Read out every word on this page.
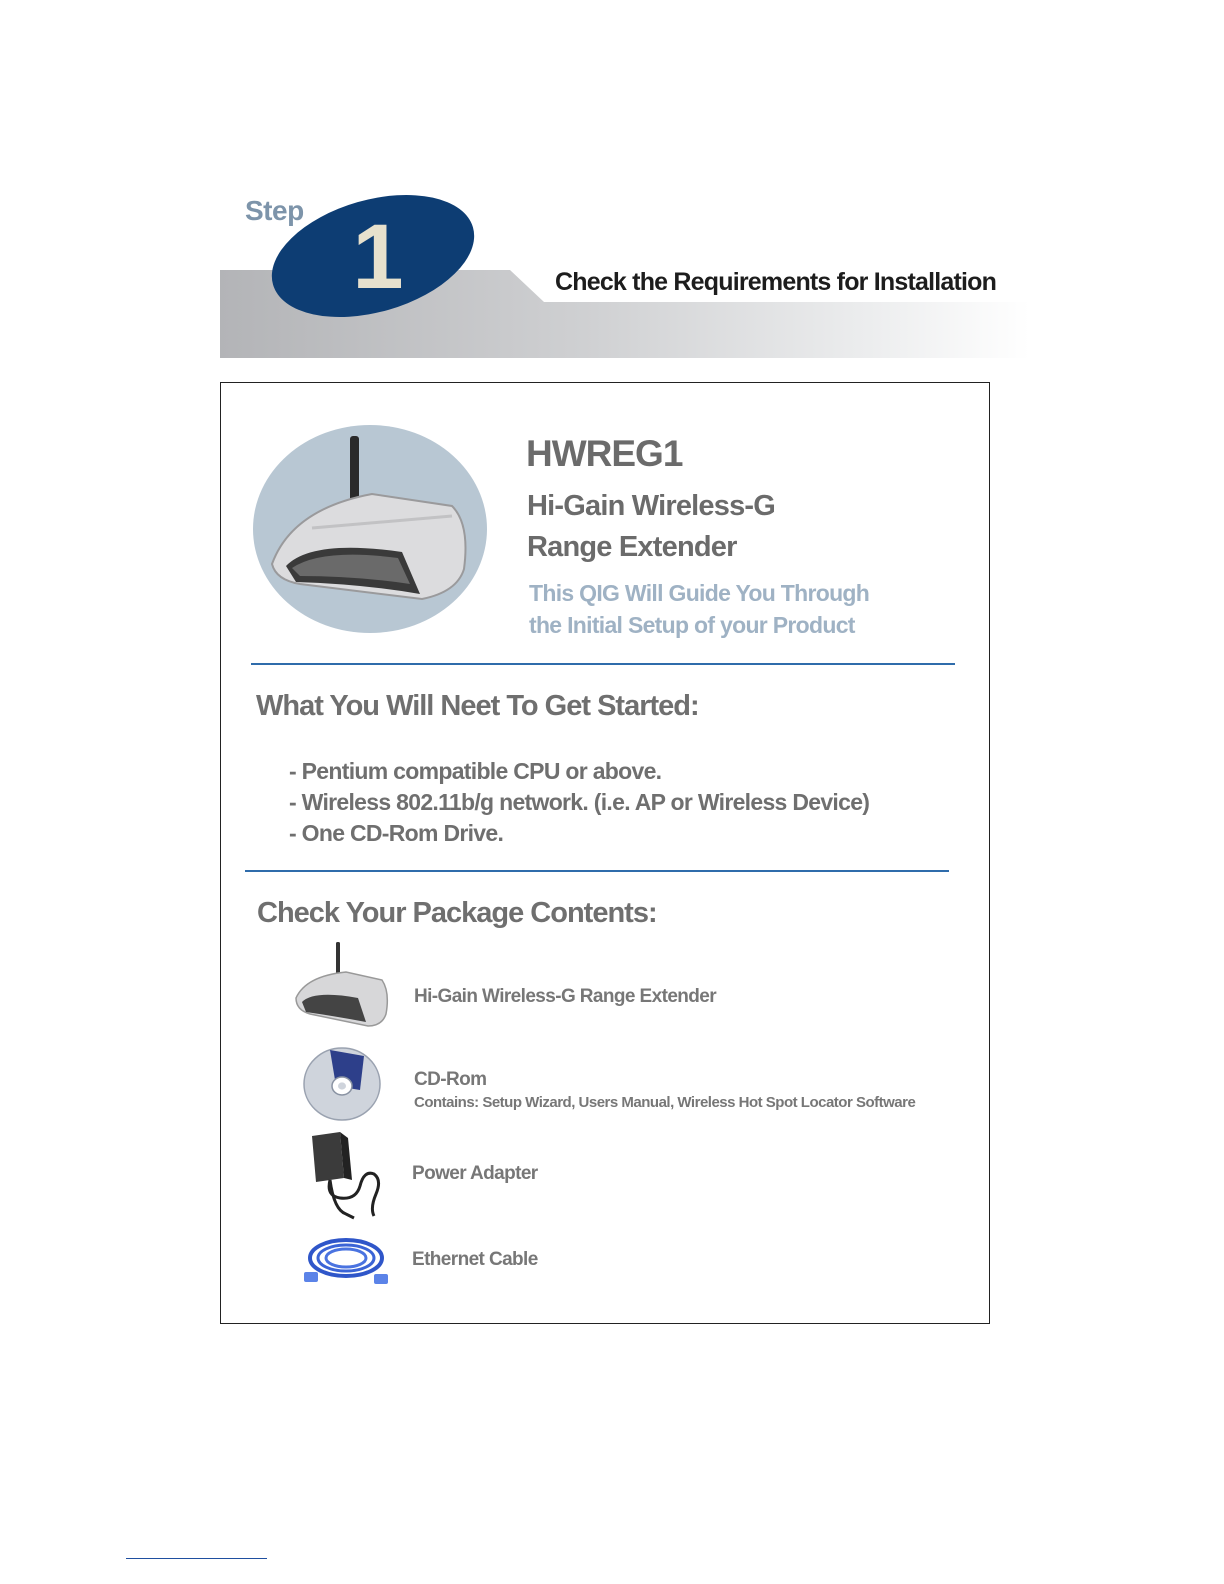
Step
Check the Requirements for Installation
1
HWREG1
Hi-Gain Wireless-G
Range Extender
This QIG Will Guide You Through
the Initial Setup of your Product
What You Will Neet To Get Started:
- Pentium compatible CPU or above.
- Wireless 802.11b/g network. (i.e. AP or Wireless Device)
- One CD-Rom Drive.
Check Your Package Contents:
Hi-Gain Wireless-G Range Extender
CD-Rom
Contains: Setup Wizard, Users Manual, Wireless Hot Spot Locator Software
Power Adapter
Ethernet Cable
